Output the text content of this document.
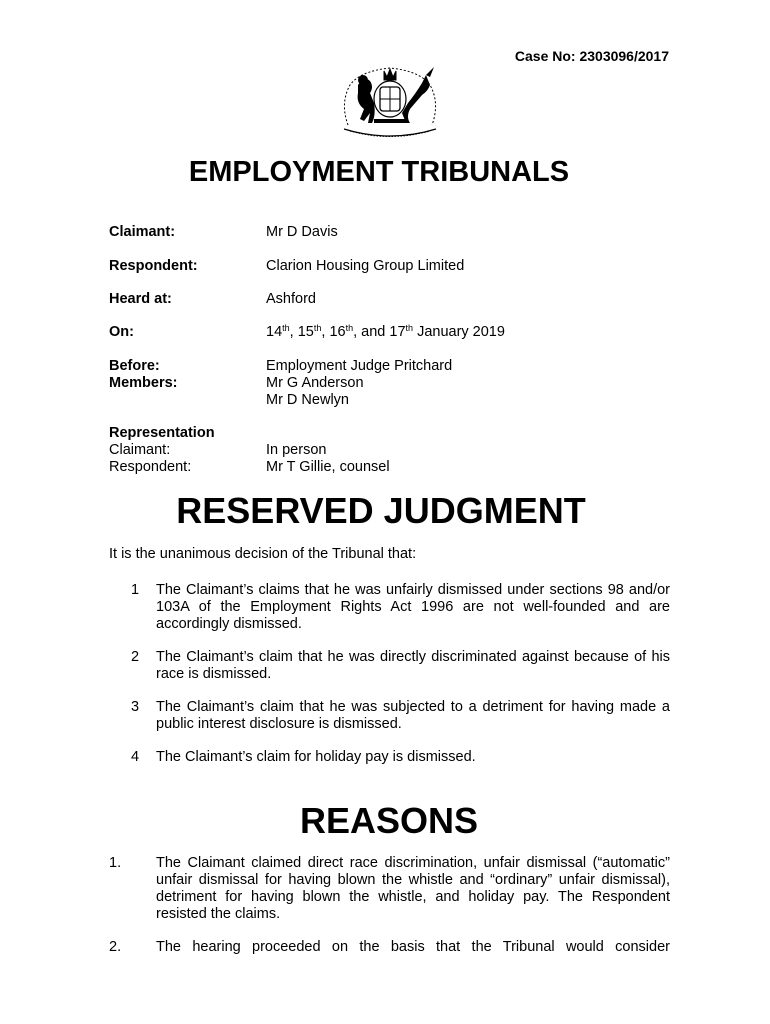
Case No: 2303096/2017
EMPLOYMENT TRIBUNALS
Claimant:	Mr D Davis
Respondent:	Clarion Housing Group Limited
Heard at:	Ashford
On:	14th, 15th, 16th, and 17th January 2019
Before:	Employment Judge Pritchard
Members:	Mr G Anderson
Mr D Newlyn
Representation
Claimant:	In person
Respondent:	Mr T Gillie, counsel
RESERVED JUDGMENT
It is the unanimous decision of the Tribunal that:
1 The Claimant’s claims that he was unfairly dismissed under sections 98 and/or 103A of the Employment Rights Act 1996 are not well-founded and are accordingly dismissed.
2 The Claimant’s claim that he was directly discriminated against because of his race is dismissed.
3 The Claimant’s claim that he was subjected to a detriment for having made a public interest disclosure is dismissed.
4 The Claimant’s claim for holiday pay is dismissed.
REASONS
1. The Claimant claimed direct race discrimination, unfair dismissal (“automatic” unfair dismissal for having blown the whistle and “ordinary” unfair dismissal), detriment for having blown the whistle, and holiday pay. The Respondent resisted the claims.
2. The hearing proceeded on the basis that the Tribunal would consider
